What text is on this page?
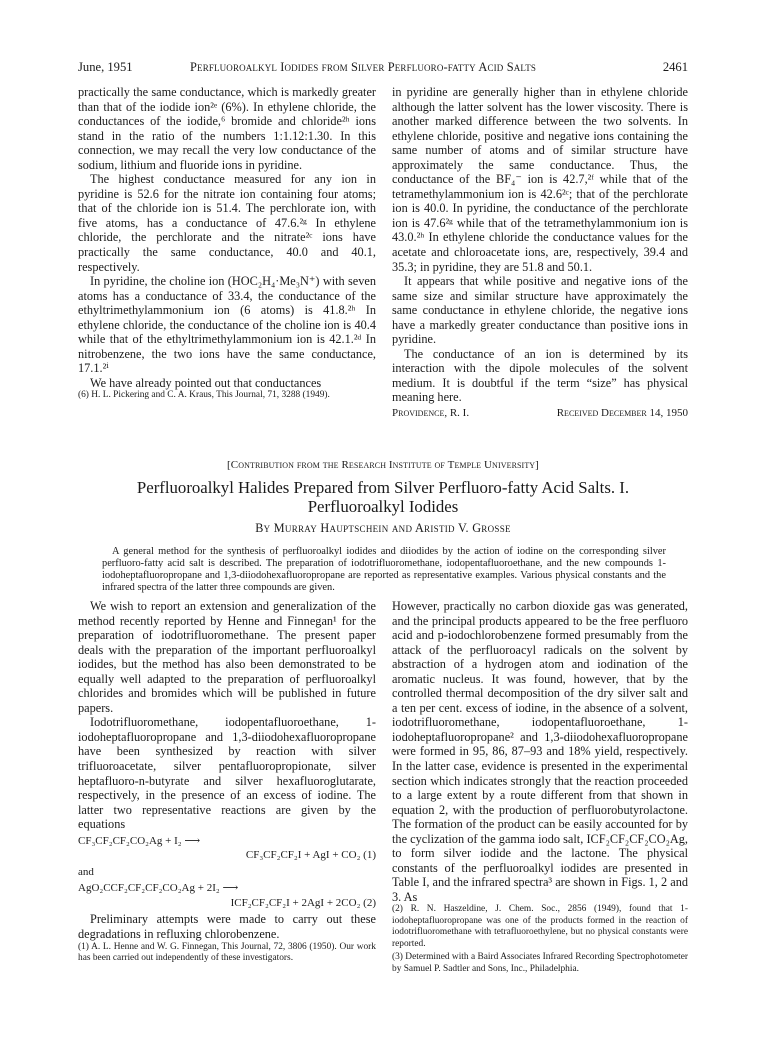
June, 1951	Perfluoroalkyl Iodides from Silver Perfluoro-fatty Acid Salts	2461

practically the same conductance, which is markedly greater than that of the iodide ion²ᵉ (6%). In ethylene chloride, the conductances of the iodide,⁶ bromide and chloride²ʰ ions stand in the ratio of the numbers 1:1.12:1.30. In this connection, we may recall the very low conductance of the sodium, lithium and fluoride ions in pyridine.

The highest conductance measured for any ion in pyridine is 52.6 for the nitrate ion containing four atoms; that of the chloride ion is 51.4. The perchlorate ion, with five atoms, has a conductance of 47.6.²ᵍ In ethylene chloride, the perchlorate and the nitrate²ᶜ ions have practically the same conductance, 40.0 and 40.1, respectively.

In pyridine, the choline ion (HOC₂H₄·Me₃N⁺) with seven atoms has a conductance of 33.4, the conductance of the ethyltrimethylammonium ion (6 atoms) is 41.8.²ʰ In ethylene chloride, the conductance of the choline ion is 40.4 while that of the ethyltrimethylammonium ion is 42.1.²ᵈ In nitrobenzene, the two ions have the same conductance, 17.1.²ⁱ

We have already pointed out that conductances

(6) H. L. Pickering and C. A. Kraus, This Journal, 71, 3288 (1949).

in pyridine are generally higher than in ethylene chloride although the latter solvent has the lower viscosity. There is another marked difference between the two solvents. In ethylene chloride, positive and negative ions containing the same number of atoms and of similar structure have approximately the same conductance. Thus, the conductance of the BF₄⁻ ion is 42.7,²ᶠ while that of the tetramethylammonium ion is 42.6²ᶜ; that of the perchlorate ion is 40.0. In pyridine, the conductance of the perchlorate ion is 47.6²ᵍ while that of the tetramethylammonium ion is 43.0.²ʰ In ethylene chloride the conductance values for the acetate and chloroacetate ions, are, respectively, 39.4 and 35.3; in pyridine, they are 51.8 and 50.1.

It appears that while positive and negative ions of the same size and similar structure have approximately the same conductance in ethylene chloride, the negative ions have a markedly greater conductance than positive ions in pyridine.

The conductance of an ion is determined by its interaction with the dipole molecules of the solvent medium. It is doubtful if the term “size” has physical meaning here.

Providence, R. I.	Received December 14, 1950
[Contribution from the Research Institute of Temple University]
Perfluoroalkyl Halides Prepared from Silver Perfluoro-fatty Acid Salts. I.
Perfluoroalkyl Iodides
By Murray Hauptschein and Aristid V. Grosse
A general method for the synthesis of perfluoroalkyl iodides and diiodides by the action of iodine on the corresponding silver perfluoro-fatty acid salt is described. The preparation of iodotrifluoromethane, iodopentafluoroethane, and the new compounds 1-iodoheptafluoropropane and 1,3-diiodohexafluoropropane are reported as representative examples. Various physical constants and the infrared spectra of the latter three compounds are given.

We wish to report an extension and generalization of the method recently reported by Henne and Finnegan¹ for the preparation of iodotrifluoromethane. The present paper deals with the preparation of the important perfluoroalkyl iodides, but the method has also been demonstrated to be equally well adapted to the preparation of perfluoroalkyl chlorides and bromides which will be published in future papers.

Iodotrifluoromethane, iodopentafluoroethane, 1-iodoheptafluoropropane and 1,3-diiodohexafluoropropane have been synthesized by reaction with silver trifluoroacetate, silver pentafluoropropionate, silver heptafluoro-n-butyrate and silver hexafluoroglutarate, respectively, in the presence of an excess of iodine. The latter two representative reactions are given by the equations

CF₃CF₂CF₂CO₂Ag + I₂ ⟶
CF₃CF₂CF₂I + AgI + CO₂ (1)
and
AgO₂CCF₂CF₂CF₂CO₂Ag + 2I₂ ⟶
ICF₂CF₂CF₂I + 2AgI + 2CO₂ (2)

Preliminary attempts were made to carry out these degradations in refluxing chlorobenzene.

(1) A. L. Henne and W. G. Finnegan, This Journal, 72, 3806 (1950). Our work has been carried out independently of these investigators.

However, practically no carbon dioxide gas was generated, and the principal products appeared to be the free perfluoro acid and p-iodochlorobenzene formed presumably from the attack of the perfluoroacyl radicals on the solvent by abstraction of a hydrogen atom and iodination of the aromatic nucleus. It was found, however, that by the controlled thermal decomposition of the dry silver salt and a ten per cent. excess of iodine, in the absence of a solvent, iodotrifluoromethane, iodopentafluoroethane, 1-iodoheptafluoropropane² and 1,3-diiodohexafluoropropane were formed in 95, 86, 87–93 and 18% yield, respectively. In the latter case, evidence is presented in the experimental section which indicates strongly that the reaction proceeded to a large extent by a route different from that shown in equation 2, with the production of perfluorobutyrolactone. The formation of the product can be easily accounted for by the cyclization of the gamma iodo salt, ICF₂CF₂CF₂CO₂Ag, to form silver iodide and the lactone. The physical constants of the perfluoroalkyl iodides are presented in Table I, and the infrared spectra³ are shown in Figs. 1, 2 and 3. As

(2) R. N. Haszeldine, J. Chem. Soc., 2856 (1949), found that 1-iodoheptafluoropropane was one of the products formed in the reaction of iodotrifluoromethane with tetrafluoroethylene, but no physical constants were reported.

(3) Determined with a Baird Associates Infrared Recording Spectrophotometer by Samuel P. Sadtler and Sons, Inc., Philadelphia.
